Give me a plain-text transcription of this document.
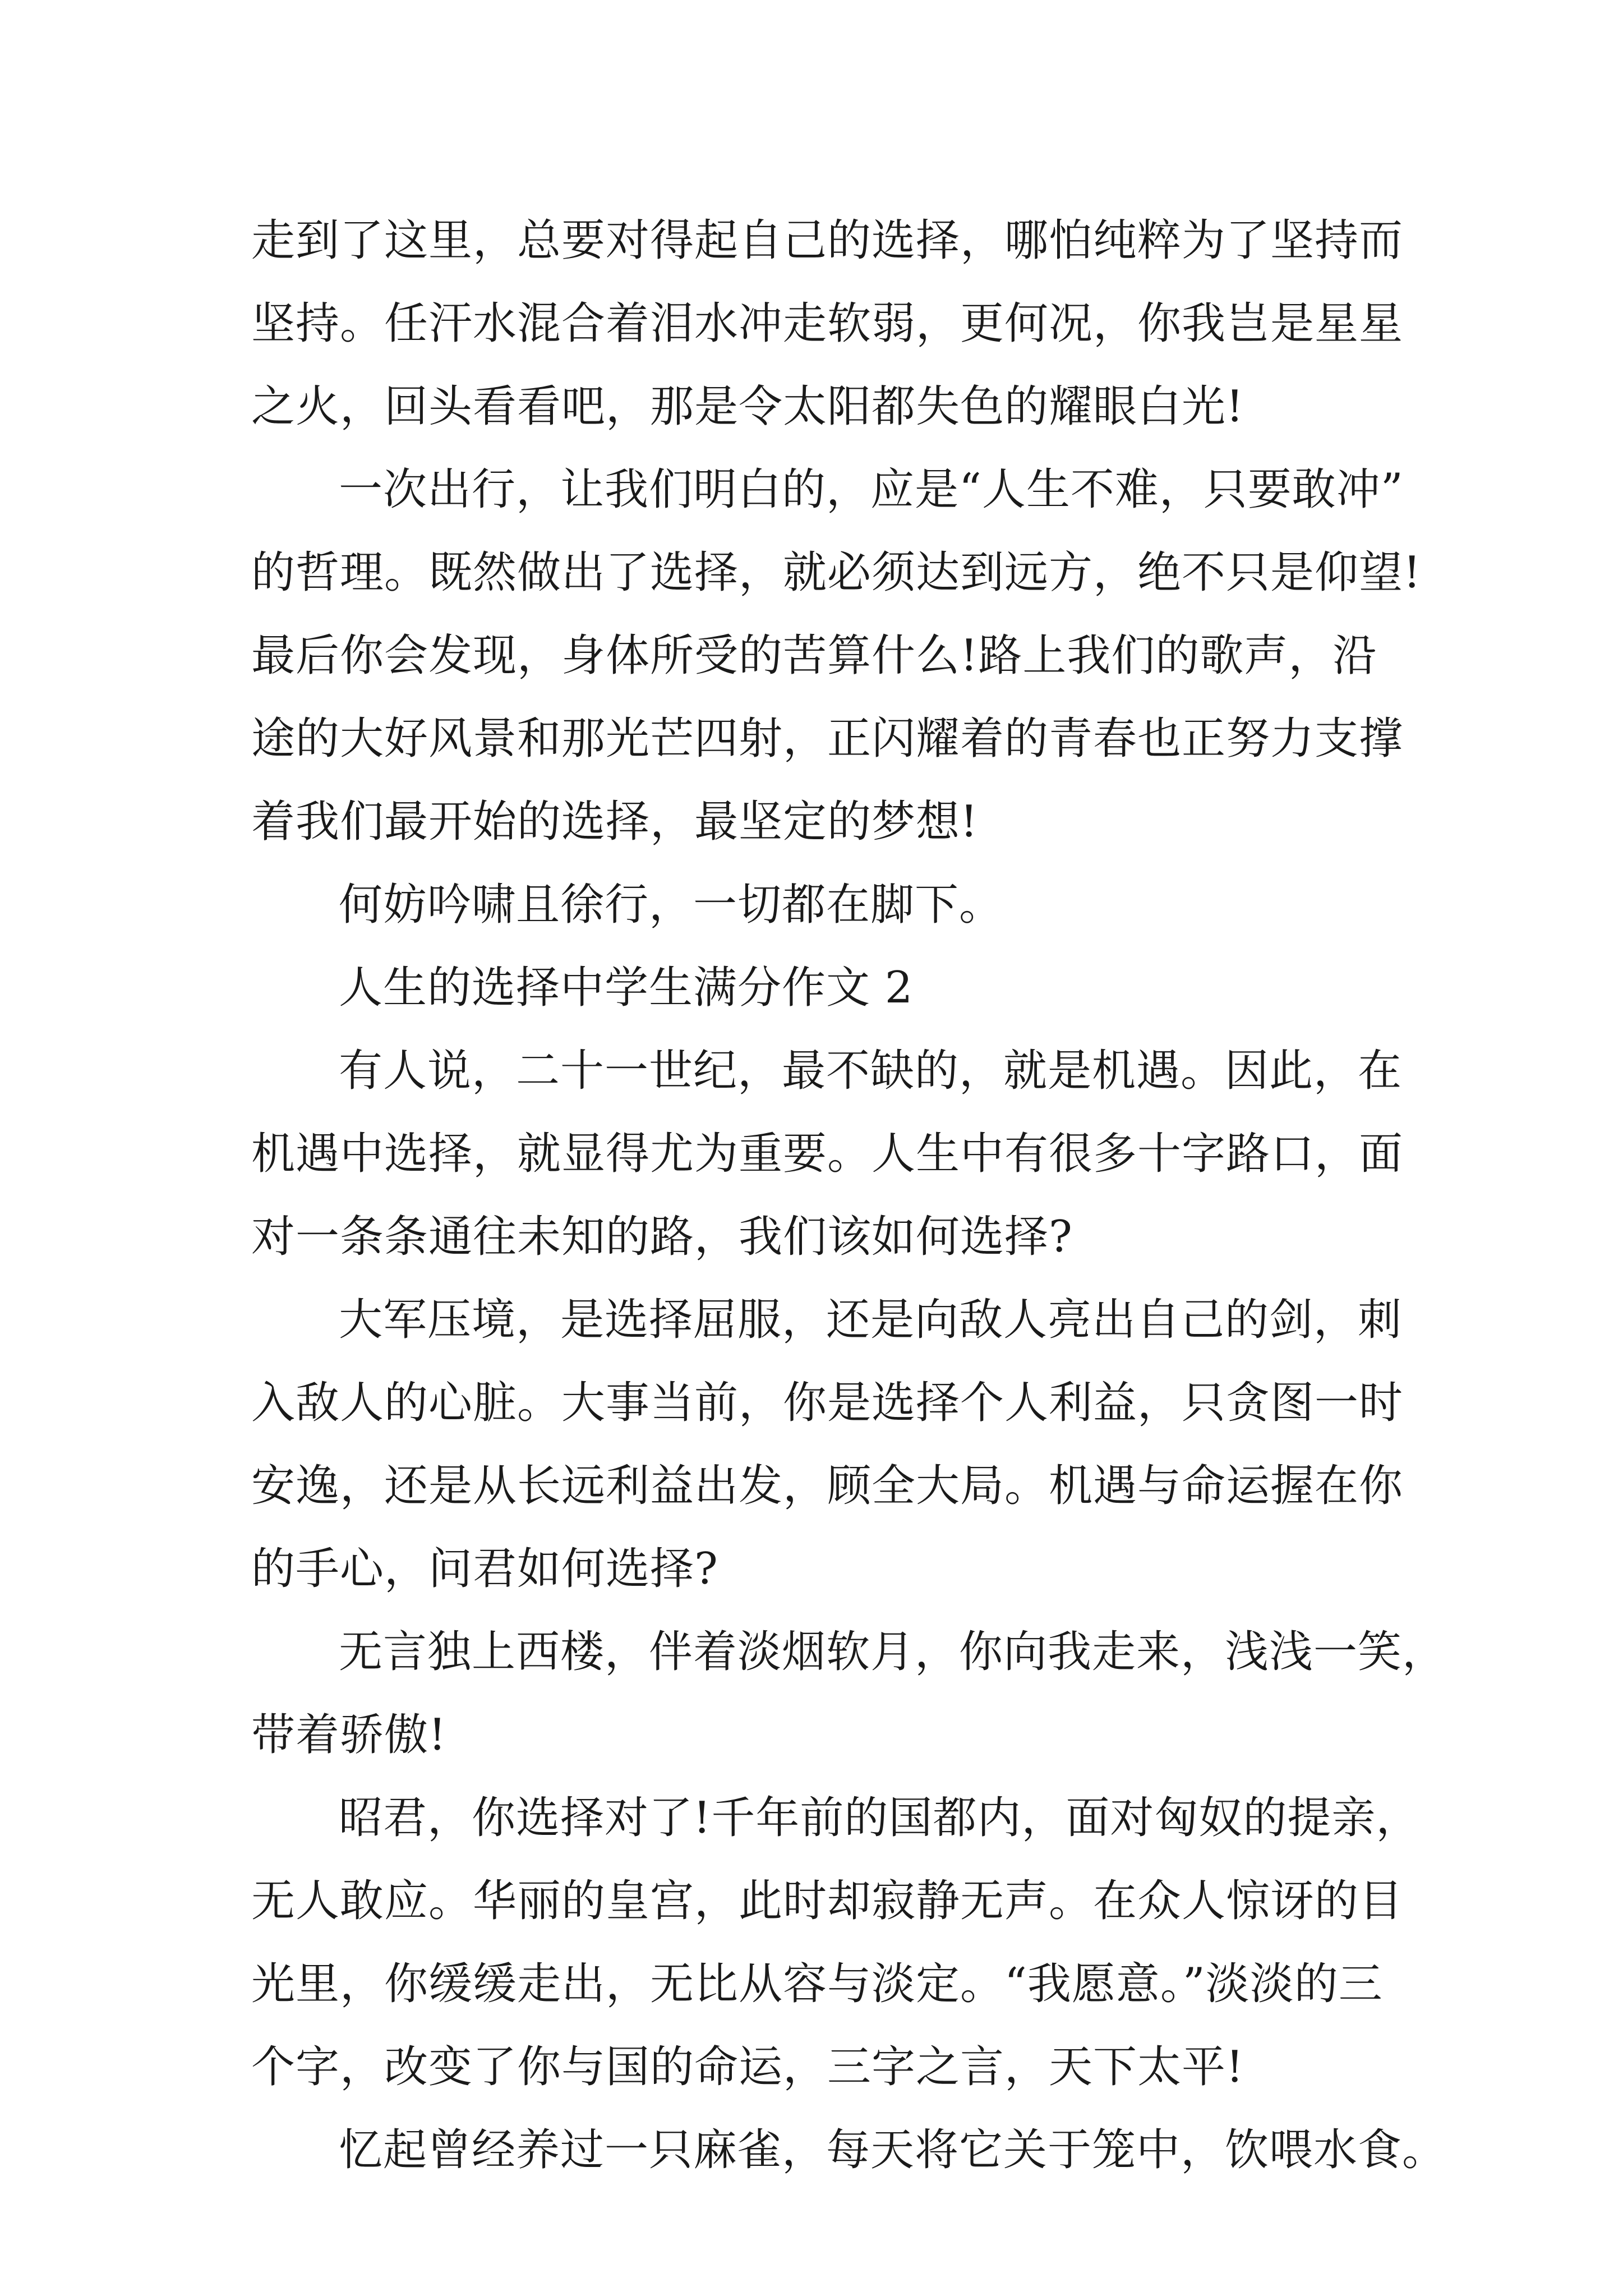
走到了这里，总要对得起自己的选择，哪怕纯粹为了坚持而
坚持。任汗水混合着泪水冲走软弱，更何况，你我岂是星星
之火，回头看看吧，那是令太阳都失色的耀眼白光!
一次出行，让我们明白的，应是“人生不难，只要敢冲”
的哲理。既然做出了选择，就必须达到远方，绝不只是仰望!
最后你会发现，身体所受的苦算什么!路上我们的歌声，沿
途的大好风景和那光芒四射，正闪耀着的青春也正努力支撑
着我们最开始的选择，最坚定的梦想!
何妨吟啸且徐行，一切都在脚下。
人生的选择中学生满分作文 2
有人说，二十一世纪，最不缺的，就是机遇。因此，在
机遇中选择，就显得尤为重要。人生中有很多十字路口，面
对一条条通往未知的路，我们该如何选择?
大军压境，是选择屈服，还是向敌人亮出自己的剑，刺
入敌人的心脏。大事当前，你是选择个人利益，只贪图一时
安逸，还是从长远利益出发，顾全大局。机遇与命运握在你
的手心，问君如何选择?
无言独上西楼，伴着淡烟软月，你向我走来，浅浅一笑，
带着骄傲!
昭君，你选择对了!千年前的国都内，面对匈奴的提亲，
无人敢应。华丽的皇宫，此时却寂静无声。在众人惊讶的目
光里，你缓缓走出，无比从容与淡定。“我愿意。”淡淡的三
个字，改变了你与国的命运，三字之言，天下太平!
忆起曾经养过一只麻雀，每天将它关于笼中，饮喂水食。
